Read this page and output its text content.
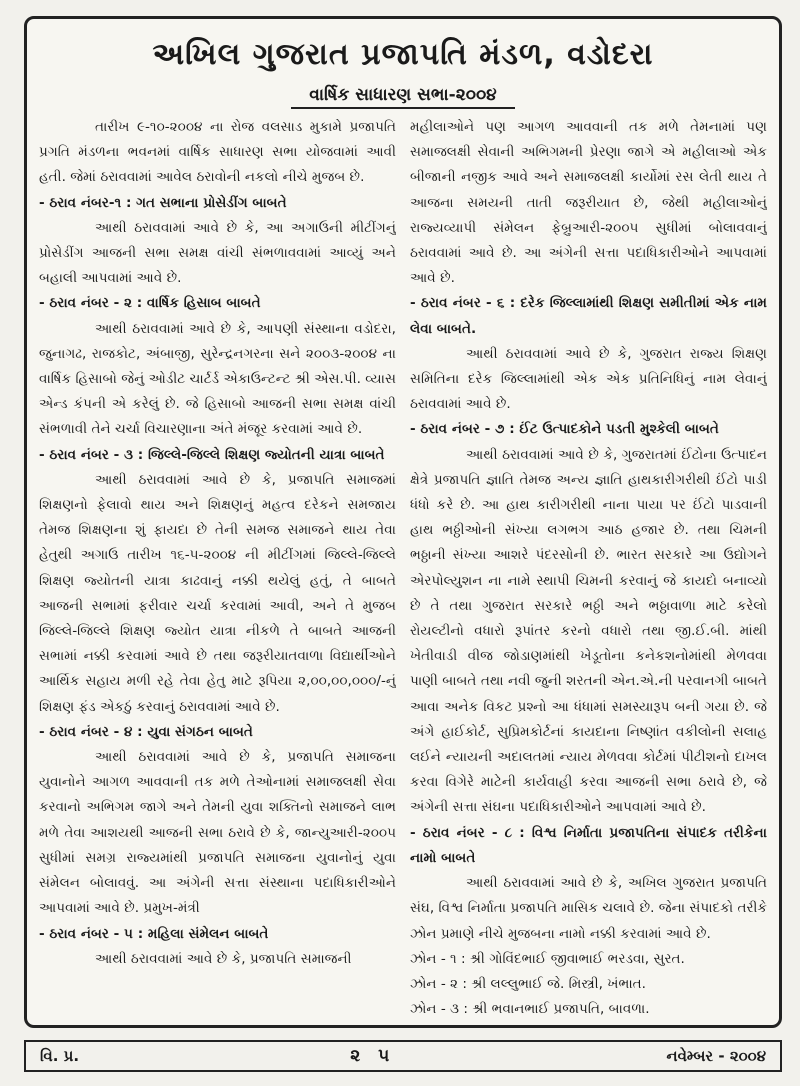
અખિલ ગુજરાત પ્રજાપતિ મંડળ, વડોદરા
વાર્ષિક સાધારણ સભા-૨૦૦૪

તારીખ ૯-૧૦-૨૦૦૪ ના રોજ વલસાડ મુકામે પ્રજાપતિ પ્રગતિ મંડળના ભવનમાં વાર્ષિક સાધારણ સભા યોજવામાં આવી હતી. જેમાં ઠરાવવામાં આવેલ ઠરાવોની નકલો નીચે મુજબ છે.

- ઠરાવ નંબર-૧ : ગત સભાના પ્રોસેડીંગ બાબતે

આથી ઠરાવવામાં આવે છે કે, આ અગાઉની મીટીંગનું પ્રોસેડીંગ આજની સભા સમક્ષ વાંચી સંભળાવવામાં આવ્યું અને બહાલી આપવામાં આવે છે.

- ઠરાવ નંબર - ૨ : વાર્ષિક હિસાબ બાબતે

આથી ઠરાવવામાં આવે છે કે, આપણી સંસ્થાના વડોદરા, જુનાગઢ, રાજકોટ, અંબાજી, સુરેન્દ્રનગરના સને ૨૦૦૩-૨૦૦૪ ના વાર્ષિક હિસાબો જેનું ઓડીટ ચાર્ટર્ડ એકાઉન્ટન્ટ શ્રી એસ.પી. વ્યાસ એન્ડ કંપની એ કરેલું છે. જે હિસાબો આજની સભા સમક્ષ વાંચી સંભળાવી તેને ચર્ચા વિચારણાના અંતે મંજૂર કરવામાં આવે છે.

- ઠરાવ નંબર - ૩ : જિલ્લે-જિલ્લે શિક્ષણ જ્યોતની યાત્રા બાબતે

આથી ઠરાવવામાં આવે છે કે, પ્રજાપતિ સમાજમાં શિક્ષણનો ફેલાવો થાય અને શિક્ષણનું મહત્વ દરેકને સમજાય તેમજ શિક્ષણના શું ફાયદા છે તેની સમજ સમાજને થાય તેવા હેતુથી અગાઉ તારીખ ૧૬-૫-૨૦૦૪ ની મીટીંગમાં જિલ્લે-જિલ્લે શિક્ષણ જ્યોતની યાત્રા કાઢવાનું નક્કી થયેલું હતું, તે બાબતે આજની સભામાં ફરીવાર ચર્ચા કરવામાં આવી, અને તે મુજબ જિલ્લે-જિલ્લે શિક્ષણ જ્યોત યાત્રા નીકળે તે બાબતે આજની સભામાં નક્કી કરવામાં આવે છે તથા જરૂરીયાતવાળા વિદ્યાર્થીઓને આર્થિક સહાય મળી રહે તેવા હેતુ માટે રૂપિયા ૨,૦૦,૦૦,૦૦૦/-નું શિક્ષણ ફંડ એકઠું કરવાનું ઠરાવવામાં આવે છે.

- ઠરાવ નંબર - ૪ : યુવા સંગઠન બાબતે

આથી ઠરાવવામાં આવે છે કે, પ્રજાપતિ સમાજના યુવાનોને આગળ આવવાની તક મળે તેઓનામાં સમાજલક્ષી સેવા કરવાનો અભિગમ જાગે અને તેમની યુવા શક્તિનો સમાજને લાભ મળે તેવા આશયથી આજની સભા ઠરાવે છે કે, જાન્યુઆરી-૨૦૦૫ સુધીમાં સમગ્ર રાજ્યમાંથી પ્રજાપતિ સમાજના યુવાનોનું યુવા સંમેલન બોલાવવું. આ અંગેની સત્તા સંસ્થાના પદાધિકારીઓને આપવામાં આવે છે. પ્રમુખ-મંત્રી

- ઠરાવ નંબર - ૫ : મહિલા સંમેલન બાબતે

આથી ઠરાવવામાં આવે છે કે, પ્રજાપતિ સમાજની

મહીલાઓને પણ આગળ આવવાની તક મળે તેમનામાં પણ સમાજલક્ષી સેવાની અભિગમની પ્રેરણા જાગે એ મહીલાઓ એક બીજાની નજીક આવે અને સમાજલક્ષી કાર્યોમાં રસ લેતી થાય તે આજના સમયની તાતી જરૂરીયાત છે, જેથી મહીલાઓનું રાજ્યવ્યાપી સંમેલન ફેબ્રુઆરી-૨૦૦૫ સુધીમાં બોલાવવાનું ઠરાવવામાં આવે છે. આ અંગેની સત્તા પદાધિકારીઓને આપવામાં આવે છે.

- ઠરાવ નંબર - ૬ : દરેક જિલ્લામાંથી શિક્ષણ સમીતીમાં એક નામ લેવા બાબતે.

આથી ઠરાવવામાં આવે છે કે, ગુજરાત રાજ્ય શિક્ષણ સમિતિના દરેક જિલ્લામાંથી એક એક પ્રતિનિધિનું નામ લેવાનું ઠરાવવામાં આવે છે.

- ઠરાવ નંબર - ૭ : ઈંટ ઉત્પાદકોને પડતી મુશ્કેલી બાબતે

આથી ઠરાવવામાં આવે છે કે, ગુજરાતમાં ઈંટોના ઉત્પાદન ક્ષેત્રે પ્રજાપતિ જ્ઞાતિ તેમજ અન્ય જ્ઞાતિ હાથકારીગરીથી ઈંટો પાડી ધંધો કરે છે. આ હાથ કારીગરીથી નાના પાયા પર ઈંટો પાડવાની હાથ ભઠ્ઠીઓની સંખ્યા લગભગ આઠ હજાર છે. તથા ચિમની ભઠ્ઠાની સંખ્યા આશરે પંદરસોની છે. ભારત સરકારે આ ઉદ્યોગને એરપોલ્યુશન ના નામે સ્થાપી ચિમની કરવાનું જે કાયદો બનાવ્યો છે તે તથા ગુજરાત સરકારે ભઠ્ઠી અને ભઠ્ઠાવાળા માટે કરેલો રોયલ્ટીનો વધારો રૂપાંતર કરનો વધારો તથા જી.ઈ.બી. માંથી ખેતીવાડી વીજ જોડાણમાંથી ખેડૂતોના કનેકશનોમાંથી મેળવવા પાણી બાબતે તથા નવી જુની શરતની એન.એ.ની પરવાનગી બાબતે આવા અનેક વિકટ પ્રશ્નો આ ધંધામાં સમસ્યારૂપ બની ગયા છે. જે અંગે હાઈકોર્ટ, સુપ્રિમકોર્ટનાં કાયદાના નિષ્ણાંત વકીલોની સલાહ લઈને ન્યાયની અદાલતમાં ન્યાય મેળવવા કોર્ટમાં પીટીશનો દાખલ કરવા વિગેરે માટેની કાર્યવાહી કરવા આજની સભા ઠરાવે છે, જે અંગેની સત્તા સંઘના પદાધિકારીઓને આપવામાં આવે છે.

- ઠરાવ નંબર - ૮ : વિશ્વ નિર્માતા પ્રજાપતિના સંપાદક તરીકેના નામો બાબતે

આથી ઠરાવવામાં આવે છે કે, અખિલ ગુજરાત પ્રજાપતિ સંઘ, વિશ્વ નિર્માતા પ્રજાપતિ માસિક ચલાવે છે. જેના સંપાદકો તરીકે ઝોન પ્રમાણે નીચે મુજબના નામો નક્કી કરવામાં આવે છે.

ઝોન - ૧ : શ્રી ગોવિંદભાઈ જીવાભાઈ ભરડવા, સુરત.

ઝોન - ૨ : શ્રી લલ્લુભાઈ જે. મિસ્ત્રી, ખંભાત.

ઝોન - ૩ : શ્રી ભવાનભાઈ પ્રજાપતિ, બાવળા.

વિ. પ્ર.	૨ ૫	નવેમ્બર - ૨૦૦૪
